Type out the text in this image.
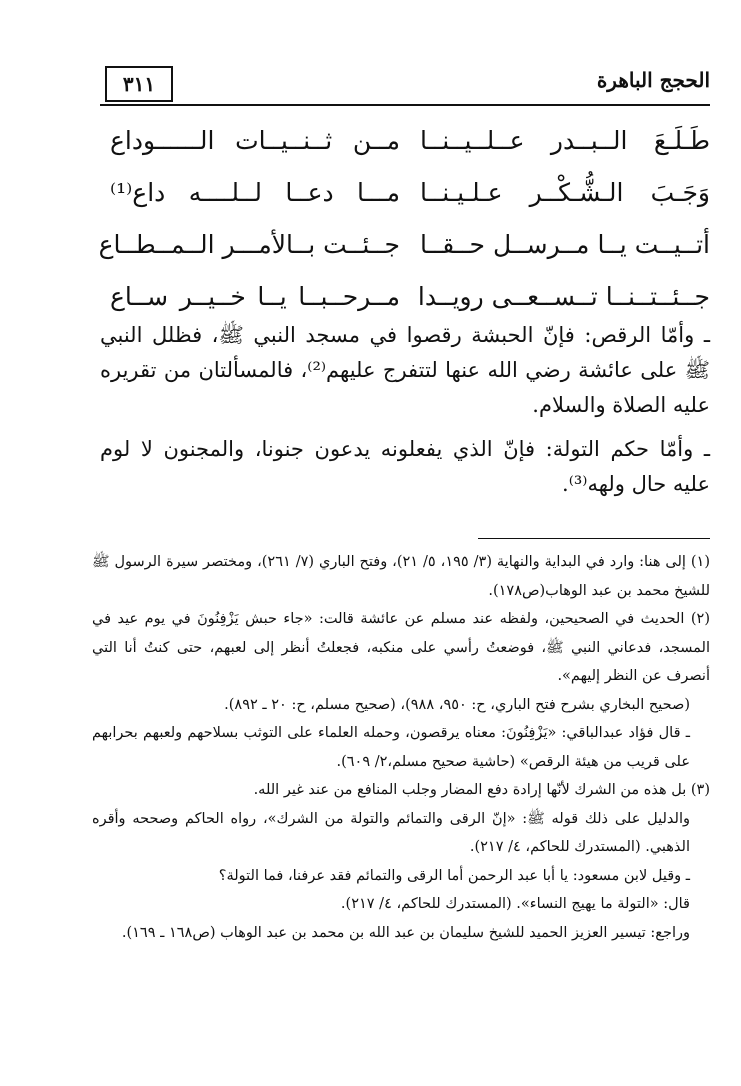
٣١١	الحجج الباهرة
طَـلَـعَ الــبــدر عــلــيــنــا
مــن ثــنــيــات الــــــوداع
وَجَـبَ الـشُّـكْــر عـلـيـنــا
مـــا دعــا لــلــــه داع⁽¹⁾
أتــيــت يــا مــرســل حــقــا
جــئــت بــالأمـــر الــمــطــاع
جــئــتــنــا تــســعــى رويــدا
مــرحــبــا يــا خــيــر ســاع

ـ وأمّا الرقص: فإنّ الحبشة رقصوا في مسجد النبي ﷺ، فظلل النبي ﷺ على عائشة رضي الله عنها لتتفرج عليهم⁽²⁾، فالمسألتان من تقريره عليه الصلاة والسلام.

ـ وأمّا حكم التولة: فإنّ الذي يفعلونه يدعون جنونا، والمجنون لا لوم عليه حال ولهه⁽³⁾.

(١) إلى هنا: وارد في البداية والنهاية (٣/ ١٩٥، ٥/ ٢١)، وفتح الباري (٧/ ٢٦١)، ومختصر سيرة الرسول ﷺ للشيخ محمد بن عبد الوهاب(ص١٧٨).

(٢) الحديث في الصحيحين، ولفظه عند مسلم عن عائشة قالت: «جاء حبش يَزْفِنُونَ في يوم عيد في المسجد، فدعاني النبي ﷺ، فوضعتُ رأسي على منكبه، فجعلتُ أنظر إلى لعبهم، حتى كنتُ أنا التي أنصرف عن النظر إليهم».

(صحيح البخاري بشرح فتح الباري، ح: ٩٥٠، ٩٨٨)، (صحيح مسلم، ح: ٢٠ ـ ٨٩٢).

ـ قال فؤاد عبدالباقي: «يَزْفِنُونَ: معناه يرقصون، وحمله العلماء على التوثب بسلاحهم ولعبهم بحرابهم على قريب من هيئة الرقص» (حاشية صحيح مسلم،٢/ ٦٠٩).

(٣) بل هذه من الشرك لأنّها إرادة دفع المضار وجلب المنافع من عند غير الله.

والدليل على ذلك قوله ﷺ: «إنّ الرقى والتمائم والتولة من الشرك»، رواه الحاكم وصححه وأقره الذهبي. (المستدرك للحاكم، ٤/ ٢١٧).

ـ وقيل لابن مسعود: يا أبا عبد الرحمن أما الرقى والتمائم فقد عرفنا، فما التولة؟

قال: «التولة ما يهيج النساء». (المستدرك للحاكم، ٤/ ٢١٧).

وراجع: تيسير العزيز الحميد للشيخ سليمان بن عبد الله بن محمد بن عبد الوهاب (ص١٦٨ ـ ١٦٩).
